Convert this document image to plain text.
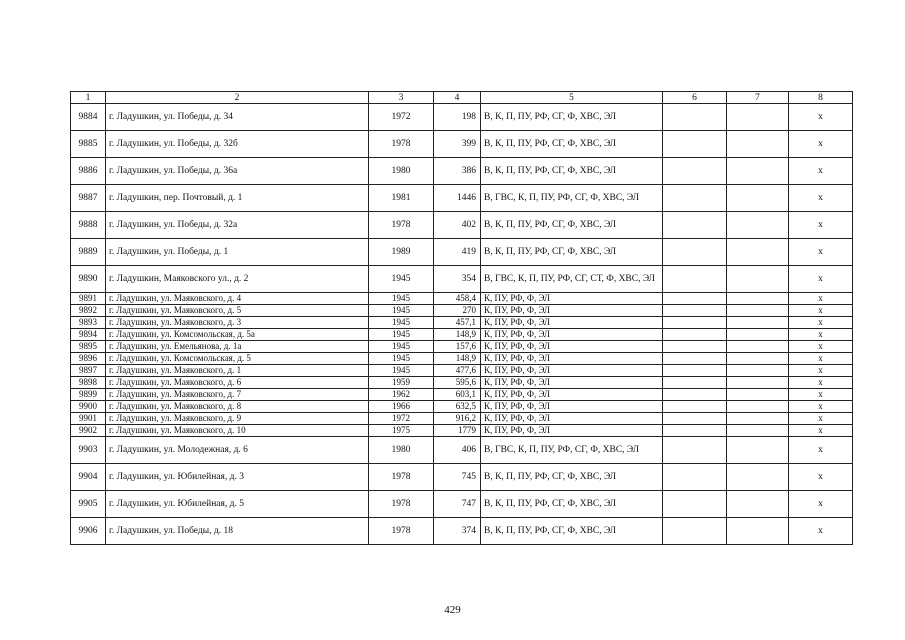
1	2	3	4	5	6	7	8
9884	г. Ладушкин, ул. Победы, д. 34	1972	198	В, К, П, ПУ, РФ, СГ, Ф, ХВС, ЭЛ			x
9885	г. Ладушкин, ул. Победы, д. 32б	1978	399	В, К, П, ПУ, РФ, СГ, Ф, ХВС, ЭЛ			x
9886	г. Ладушкин, ул. Победы, д. 36а	1980	386	В, К, П, ПУ, РФ, СГ, Ф, ХВС, ЭЛ			x
9887	г. Ладушкин, пер. Почтовый, д. 1	1981	1446	В, ГВС, К, П, ПУ, РФ, СГ, Ф, ХВС, ЭЛ			x
9888	г. Ладушкин, ул. Победы, д. 32а	1978	402	В, К, П, ПУ, РФ, СГ, Ф, ХВС, ЭЛ			x
9889	г. Ладушкин, ул. Победы, д. 1	1989	419	В, К, П, ПУ, РФ, СГ, Ф, ХВС, ЭЛ			x
9890	г. Ладушкин, Маяковского ул., д. 2	1945	354	В, ГВС, К, П, ПУ, РФ, СГ, СТ, Ф, ХВС, ЭЛ			x
9891	г. Ладушкин, ул. Маяковского, д. 4	1945	458,4	К, ПУ, РФ, Ф, ЭЛ			x
9892	г. Ладушкин, ул. Маяковского, д. 5	1945	270	К, ПУ, РФ, Ф, ЭЛ			x
9893	г. Ладушкин, ул. Маяковского, д. 3	1945	457,1	К, ПУ, РФ, Ф, ЭЛ			x
9894	г. Ладушкин, ул. Комсомольская, д. 5а	1945	148,9	К, ПУ, РФ, Ф, ЭЛ			x
9895	г. Ладушкин, ул. Емельянова, д. 1а	1945	157,6	К, ПУ, РФ, Ф, ЭЛ			x
9896	г. Ладушкин, ул. Комсомольская, д. 5	1945	148,9	К, ПУ, РФ, Ф, ЭЛ			x
9897	г. Ладушкин, ул. Маяковского, д. 1	1945	477,6	К, ПУ, РФ, Ф, ЭЛ			x
9898	г. Ладушкин, ул. Маяковского, д. 6	1959	595,6	К, ПУ, РФ, Ф, ЭЛ			x
9899	г. Ладушкин, ул. Маяковского, д. 7	1962	603,1	К, ПУ, РФ, Ф, ЭЛ			x
9900	г. Ладушкин, ул. Маяковского, д. 8	1966	632,5	К, ПУ, РФ, Ф, ЭЛ			x
9901	г. Ладушкин, ул. Маяковского, д. 9	1972	916,2	К, ПУ, РФ, Ф, ЭЛ			x
9902	г. Ладушкин, ул. Маяковского, д. 10	1975	1779	К, ПУ, РФ, Ф, ЭЛ			x
9903	г. Ладушкин, ул. Молодежная, д. 6	1980	406	В, ГВС, К, П, ПУ, РФ, СГ, Ф, ХВС, ЭЛ			x
9904	г. Ладушкин, ул. Юбилейная, д. 3	1978	745	В, К, П, ПУ, РФ, СГ, Ф, ХВС, ЭЛ			x
9905	г. Ладушкин, ул. Юбилейная, д. 5	1978	747	В, К, П, ПУ, РФ, СГ, Ф, ХВС, ЭЛ			x
9906	г. Ладушкин, ул. Победы, д. 18	1978	374	В, К, П, ПУ, РФ, СГ, Ф, ХВС, ЭЛ			x
429
